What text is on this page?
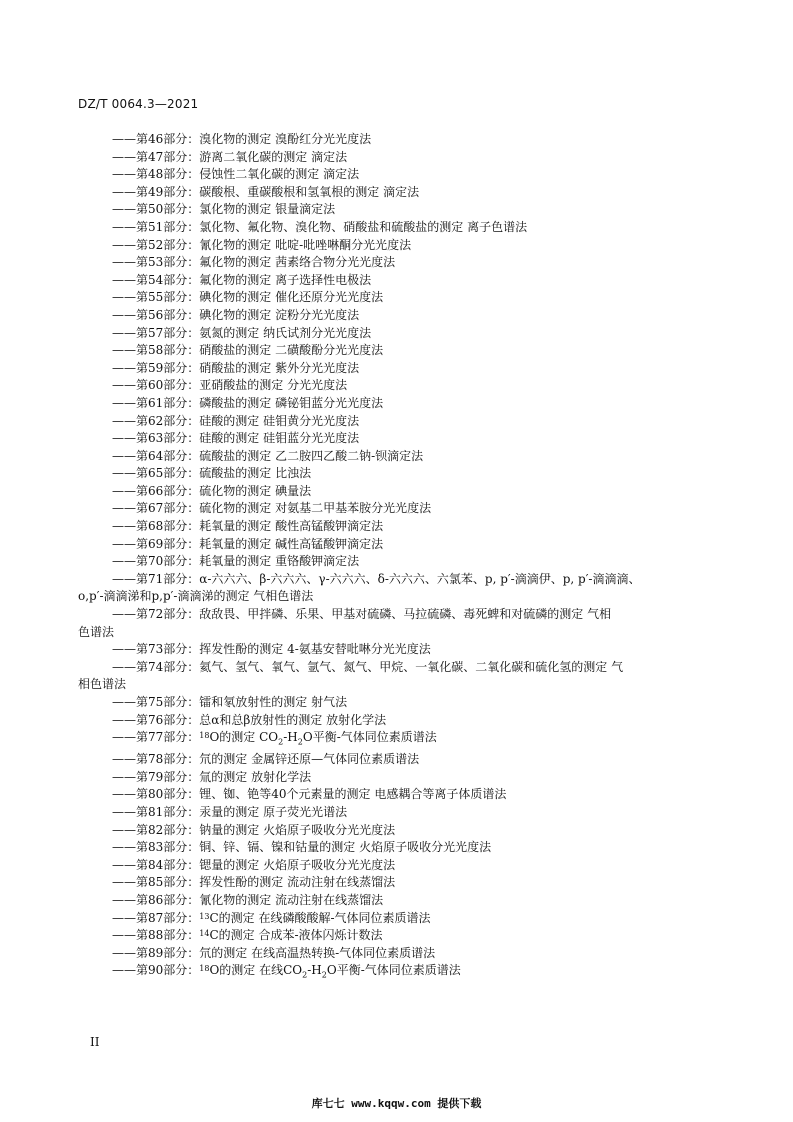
DZ/T 0064.3—2021
——第46部分：溴化物的测定 溴酚红分光光度法
——第47部分：游离二氧化碳的测定 滴定法
——第48部分：侵蚀性二氧化碳的测定 滴定法
——第49部分：碳酸根、重碳酸根和氢氧根的测定 滴定法
——第50部分：氯化物的测定 银量滴定法
——第51部分：氯化物、氟化物、溴化物、硝酸盐和硫酸盐的测定 离子色谱法
——第52部分：氰化物的测定 吡啶-吡唑啉酮分光光度法
——第53部分：氟化物的测定 茜素络合物分光光度法
——第54部分：氟化物的测定 离子选择性电极法
——第55部分：碘化物的测定 催化还原分光光度法
——第56部分：碘化物的测定 淀粉分光光度法
——第57部分：氨氮的测定 纳氏试剂分光光度法
——第58部分：硝酸盐的测定 二磺酸酚分光光度法
——第59部分：硝酸盐的测定 紫外分光光度法
——第60部分：亚硝酸盐的测定 分光光度法
——第61部分：磷酸盐的测定 磷铋钼蓝分光光度法
——第62部分：硅酸的测定 硅钼黄分光光度法
——第63部分：硅酸的测定 硅钼蓝分光光度法
——第64部分：硫酸盐的测定 乙二胺四乙酸二钠-钡滴定法
——第65部分：硫酸盐的测定 比浊法
——第66部分：硫化物的测定 碘量法
——第67部分：硫化物的测定 对氨基二甲基苯胺分光光度法
——第68部分：耗氧量的测定 酸性高锰酸钾滴定法
——第69部分：耗氧量的测定 碱性高锰酸钾滴定法
——第70部分：耗氧量的测定 重铬酸钾滴定法
——第71部分：α-六六六、β-六六六、γ-六六六、δ-六六六、六氯苯、p, p′-滴滴伊、p, p′-滴滴滴、
o,p′-滴滴涕和p,p′-滴滴涕的测定 气相色谱法
——第72部分：敌敌畏、甲拌磷、乐果、甲基对硫磷、马拉硫磷、毒死蜱和对硫磷的测定 气相
色谱法
——第73部分：挥发性酚的测定 4-氨基安替吡啉分光光度法
——第74部分：氦气、氢气、氧气、氩气、氮气、甲烷、一氧化碳、二氧化碳和硫化氢的测定 气
相色谱法
——第75部分：镭和氡放射性的测定 射气法
——第76部分：总α和总β放射性的测定 放射化学法
——第77部分：$^{18}$O的测定 $CO_2-H_2O$平衡-气体同位素质谱法
——第78部分：氘的测定 金属锌还原—气体同位素质谱法
——第79部分：氚的测定 放射化学法
——第80部分：锂、铷、铯等40个元素量的测定 电感耦合等离子体质谱法
——第81部分：汞量的测定 原子荧光光谱法
——第82部分：钠量的测定 火焰原子吸收分光光度法
——第83部分：铜、锌、镉、镍和钴量的测定 火焰原子吸收分光光度法
——第84部分：锶量的测定 火焰原子吸收分光光度法
——第85部分：挥发性酚的测定 流动注射在线蒸馏法
——第86部分：氰化物的测定 流动注射在线蒸馏法
——第87部分：$^{13}$C的测定 在线磷酸酸解-气体同位素质谱法
——第88部分：$^{14}$C的测定 合成苯-液体闪烁计数法
——第89部分：氘的测定 在线高温热转换-气体同位素质谱法
——第90部分：$^{18}$O的测定 在线$CO_2-H_2O$平衡-气体同位素质谱法
II
库七七 www.kqqw.com 提供下载
